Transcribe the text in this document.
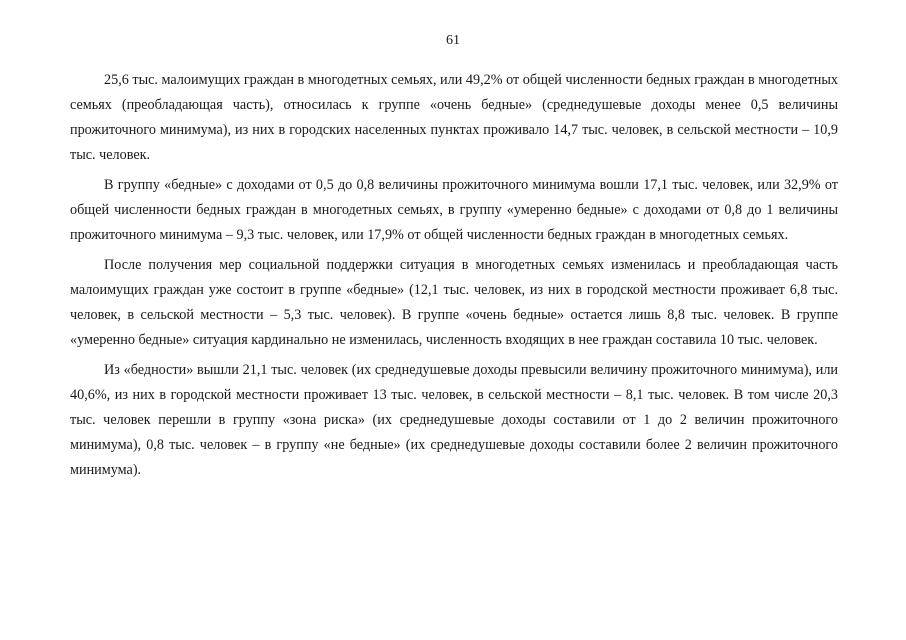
61

25,6 тыс. малоимущих граждан в многодетных семьях, или 49,2% от общей численности бедных граждан в многодетных семьях (преобладающая часть), относилась к группе «очень бедные» (среднедушевые доходы менее 0,5 величины прожиточного минимума), из них в городских населенных пунктах проживало 14,7 тыс. человек, в сельской местности – 10,9 тыс. человек.

В группу «бедные» с доходами от 0,5 до 0,8 величины прожиточного минимума вошли 17,1 тыс. человек, или 32,9% от общей численности бедных граждан в многодетных семьях, в группу «умеренно бедные» с доходами от 0,8 до 1 величины прожиточного минимума – 9,3 тыс. человек, или 17,9% от общей численности бедных граждан в многодетных семьях.

После получения мер социальной поддержки ситуация в многодетных семьях изменилась и преобладающая часть малоимущих граждан уже состоит в группе «бедные» (12,1 тыс. человек, из них в городской местности проживает 6,8 тыс. человек, в сельской местности – 5,3 тыс. человек). В группе «очень бедные» остается лишь 8,8 тыс. человек. В группе «умеренно бедные» ситуация кардинально не изменилась, численность входящих в нее граждан составила 10 тыс. человек.

Из «бедности» вышли 21,1 тыс. человек (их среднедушевые доходы превысили величину прожиточного минимума), или 40,6%, из них в городской местности проживает 13 тыс. человек, в сельской местности – 8,1 тыс. человек. В том числе 20,3 тыс. человек перешли в группу «зона риска» (их среднедушевые доходы составили от 1 до 2 величин прожиточного минимума), 0,8 тыс. человек – в группу «не бедные» (их среднедушевые доходы составили более 2 величин прожиточного минимума).
